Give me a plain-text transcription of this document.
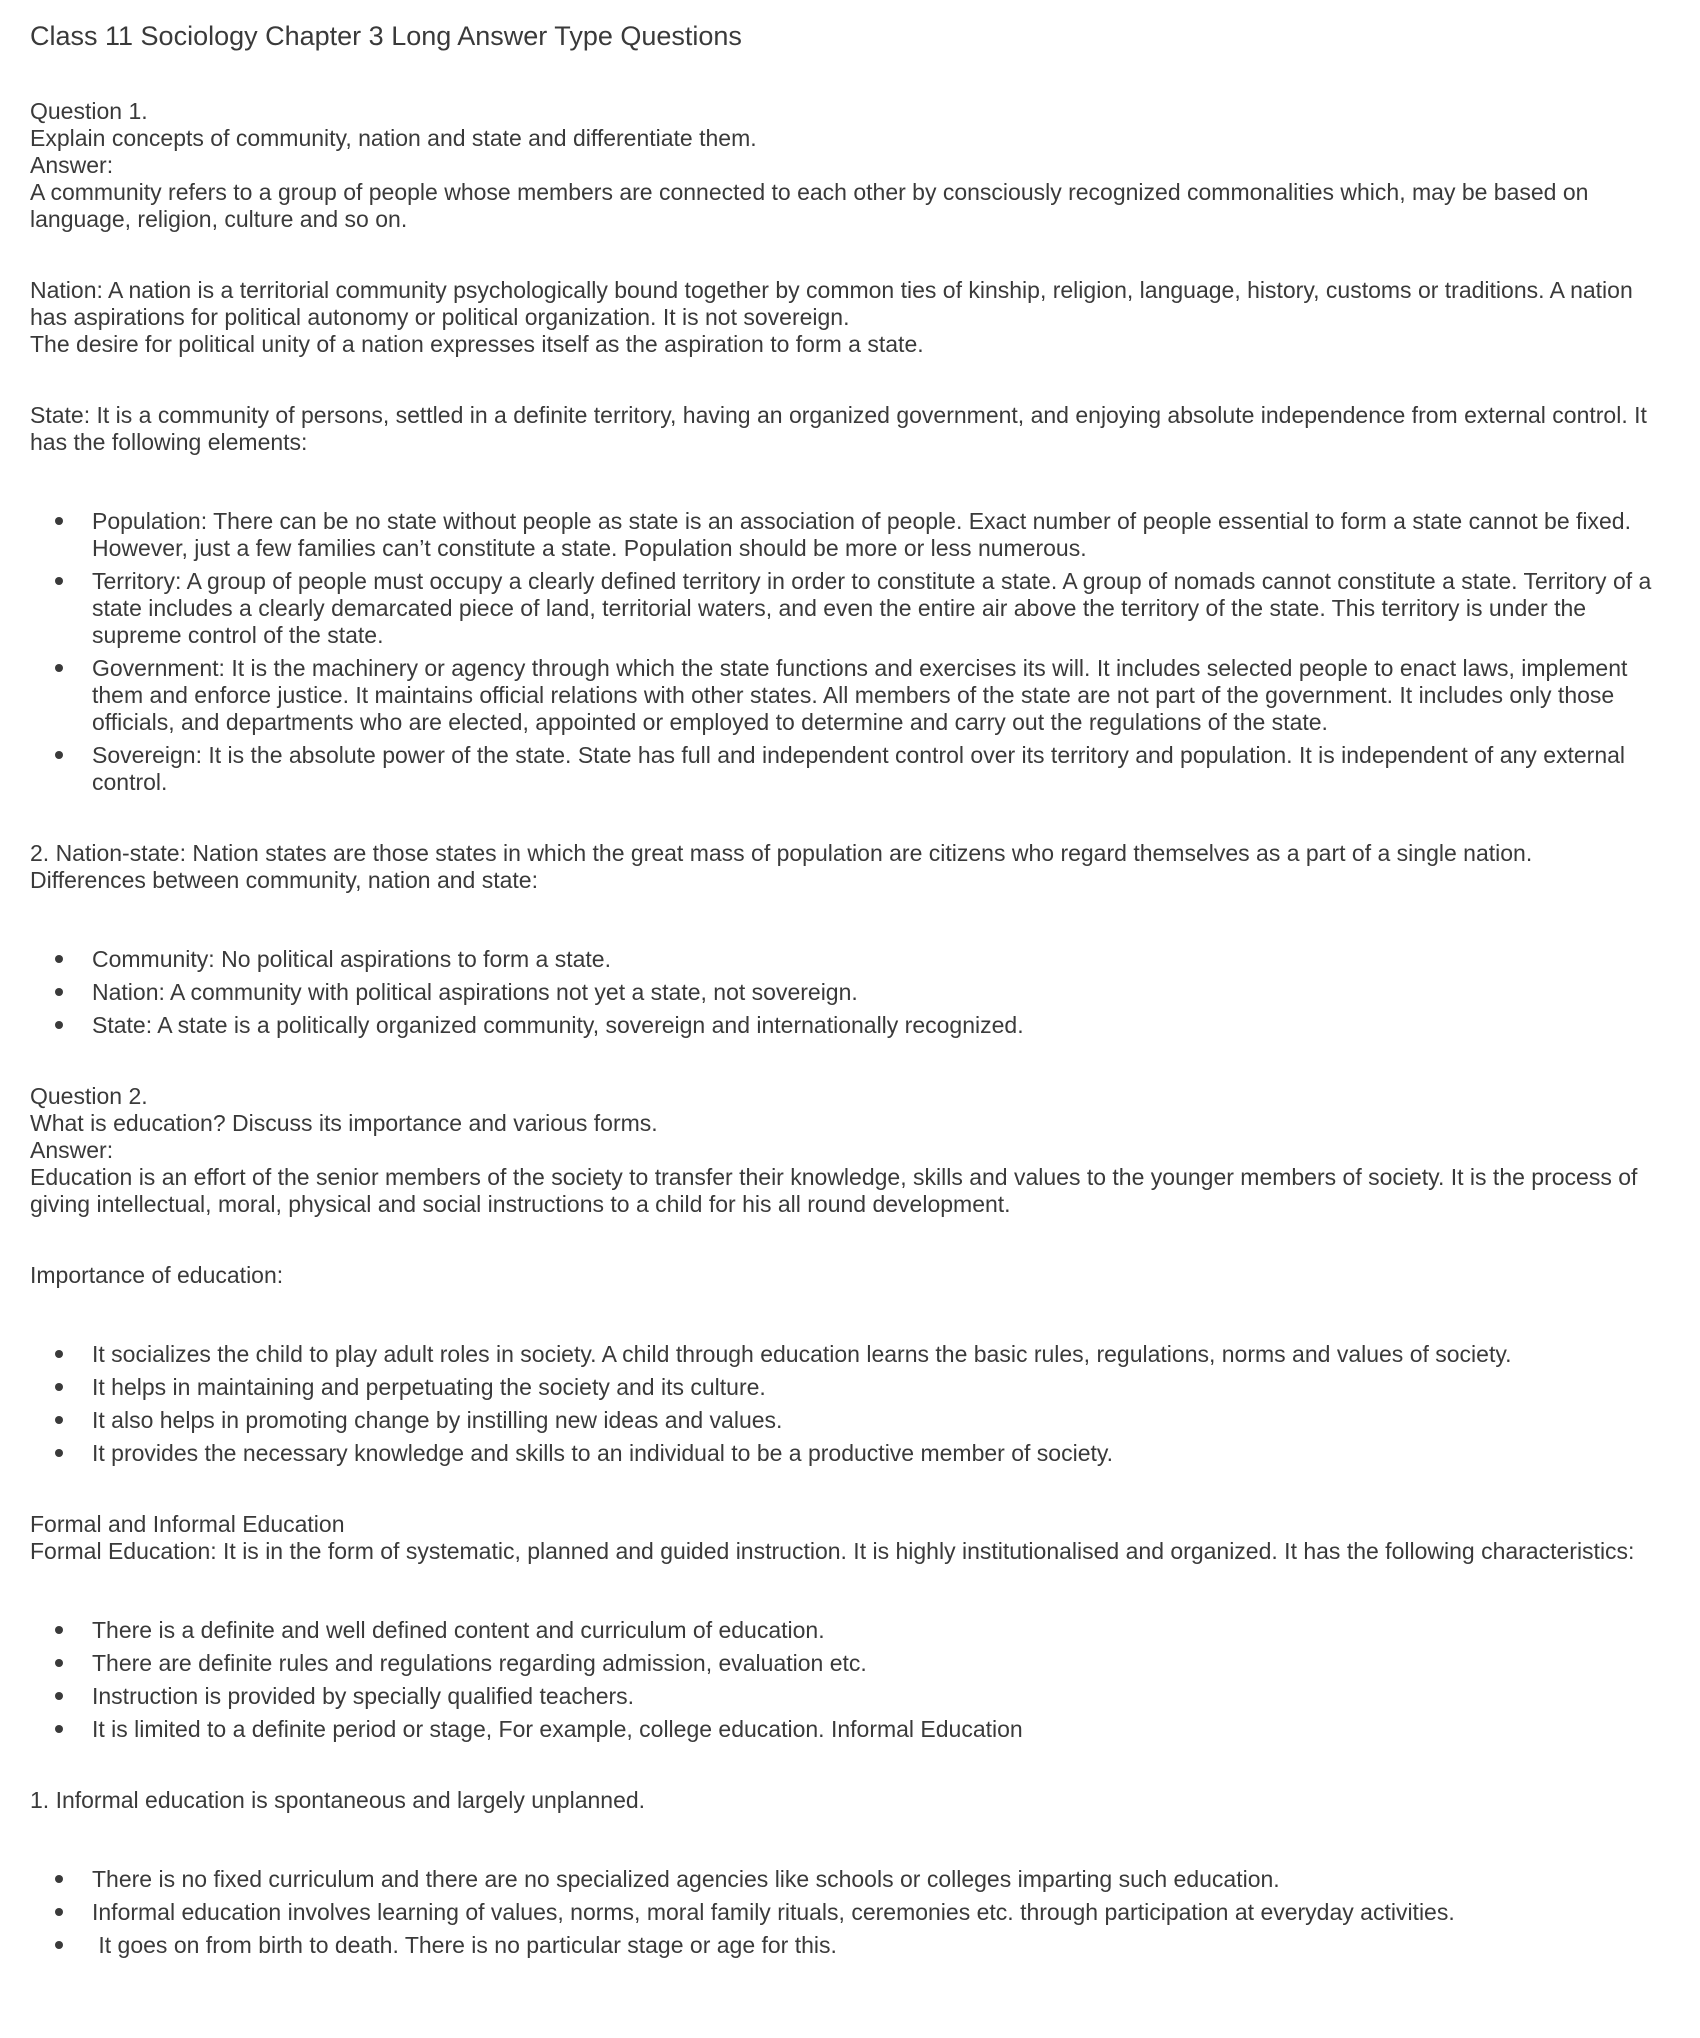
Class 11 Sociology Chapter 3 Long Answer Type Questions
Question 1.
Explain concepts of community, nation and state and differentiate them.
Answer:
A community refers to a group of people whose members are connected to each other by consciously recognized commonalities which, may be based on language, religion, culture and so on.
Nation: A nation is a territorial community psychologically bound together by common ties of kinship, religion, language, history, customs or traditions. A nation has aspirations for political autonomy or political organization. It is not sovereign.
The desire for political unity of a nation expresses itself as the aspiration to form a state.
State: It is a community of persons, settled in a definite territory, having an organized government, and enjoying absolute independence from external control. It has the following elements:
Population: There can be no state without people as state is an association of people. Exact number of people essential to form a state cannot be fixed. However, just a few families can’t constitute a state. Population should be more or less numerous.
Territory: A group of people must occupy a clearly defined territory in order to constitute a state. A group of nomads cannot constitute a state. Territory of a state includes a clearly demarcated piece of land, territorial waters, and even the entire air above the territory of the state. This territory is under the supreme control of the state.
Government: It is the machinery or agency through which the state functions and exercises its will. It includes selected people to enact laws, implement them and enforce justice. It maintains official relations with other states. All members of the state are not part of the government. It includes only those officials, and departments who are elected, appointed or employed to determine and carry out the regulations of the state.
Sovereign: It is the absolute power of the state. State has full and independent control over its territory and population. It is independent of any external control.
2. Nation-state: Nation states are those states in which the great mass of population are citizens who regard themselves as a part of a single nation.
Differences between community, nation and state:
Community: No political aspirations to form a state.
Nation: A community with political aspirations not yet a state, not sovereign.
State: A state is a politically organized community, sovereign and internationally recognized.
Question 2.
What is education? Discuss its importance and various forms.
Answer:
Education is an effort of the senior members of the society to transfer their knowledge, skills and values to the younger members of society. It is the process of giving intellectual, moral, physical and social instructions to a child for his all round development.
Importance of education:
It socializes the child to play adult roles in society. A child through education learns the basic rules, regulations, norms and values of society.
It helps in maintaining and perpetuating the society and its culture.
It also helps in promoting change by instilling new ideas and values.
It provides the necessary knowledge and skills to an individual to be a productive member of society.
Formal and Informal Education
Formal Education: It is in the form of systematic, planned and guided instruction. It is highly institutionalised and organized. It has the following characteristics:
There is a definite and well defined content and curriculum of education.
There are definite rules and regulations regarding admission, evaluation etc.
Instruction is provided by specially qualified teachers.
It is limited to a definite period or stage, For example, college education. Informal Education
1. Informal education is spontaneous and largely unplanned.
There is no fixed curriculum and there are no specialized agencies like schools or colleges imparting such education.
Informal education involves learning of values, norms, moral family rituals, ceremonies etc. through participation at everyday activities.
It goes on from birth to death. There is no particular stage or age for this.
